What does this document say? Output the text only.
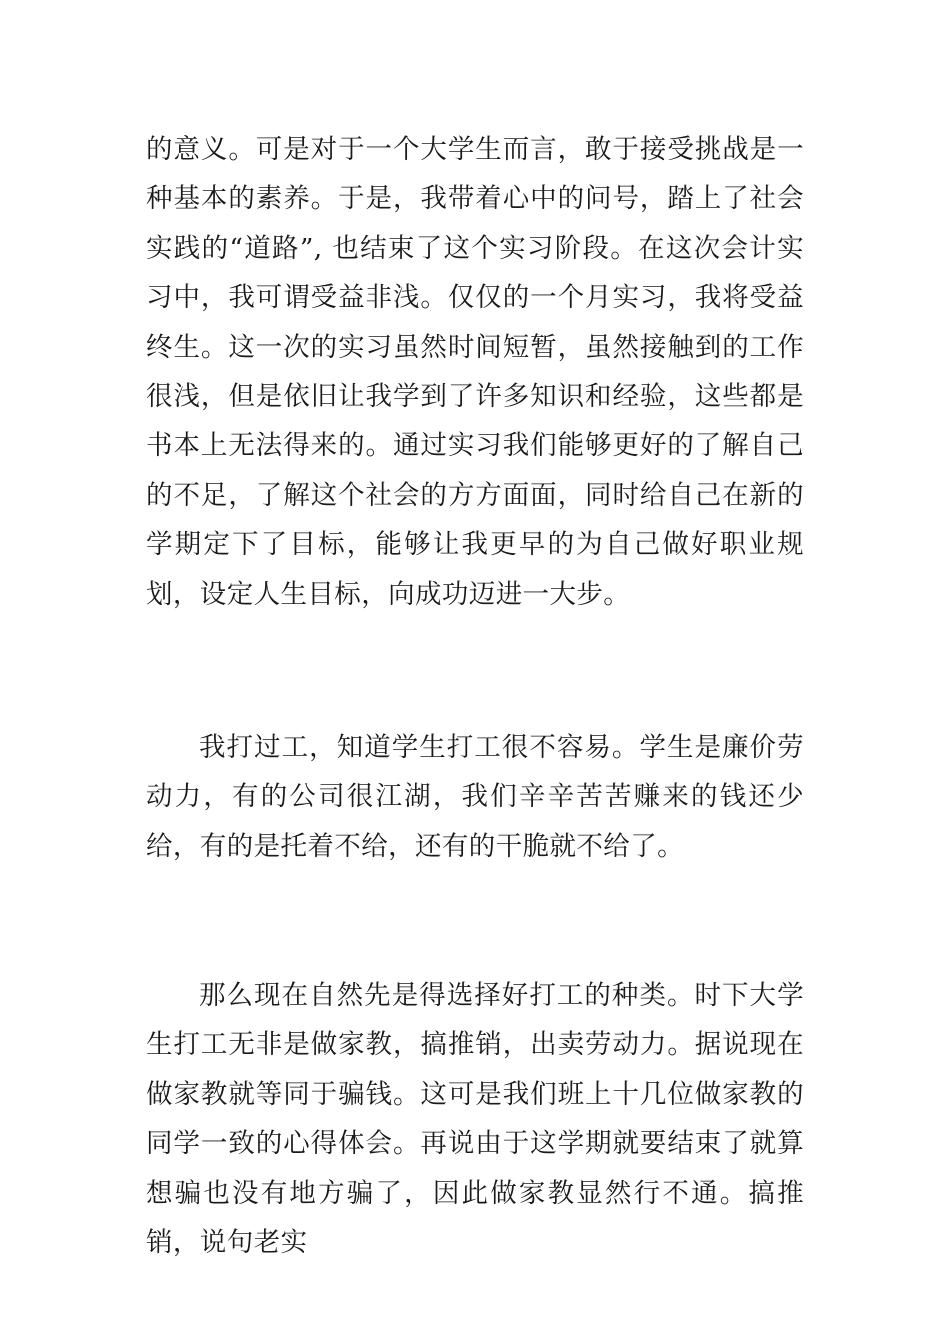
的意义。可是对于一个大学生而言，敢于接受挑战是一种基本的素养。于是，我带着心中的问号，踏上了社会实践的“道路”, 也结束了这个实习阶段。在这次会计实习中，我可谓受益非浅。仅仅的一个月实习，我将受益终生。这一次的实习虽然时间短暂，虽然接触到的工作很浅，但是依旧让我学到了许多知识和经验，这些都是书本上无法得来的。通过实习我们能够更好的了解自己的不足，了解这个社会的方方面面，同时给自己在新的学期定下了目标，能够让我更早的为自己做好职业规划，设定人生目标，向成功迈进一大步。

我打过工，知道学生打工很不容易。学生是廉价劳动力，有的公司很江湖，我们辛辛苦苦赚来的钱还少给，有的是托着不给，还有的干脆就不给了。

那么现在自然先是得选择好打工的种类。时下大学生打工无非是做家教，搞推销，出卖劳动力。据说现在做家教就等同于骗钱。这可是我们班上十几位做家教的同学一致的心得体会。再说由于这学期就要结束了就算想骗也没有地方骗了，因此做家教显然行不通。搞推销，说句老实
